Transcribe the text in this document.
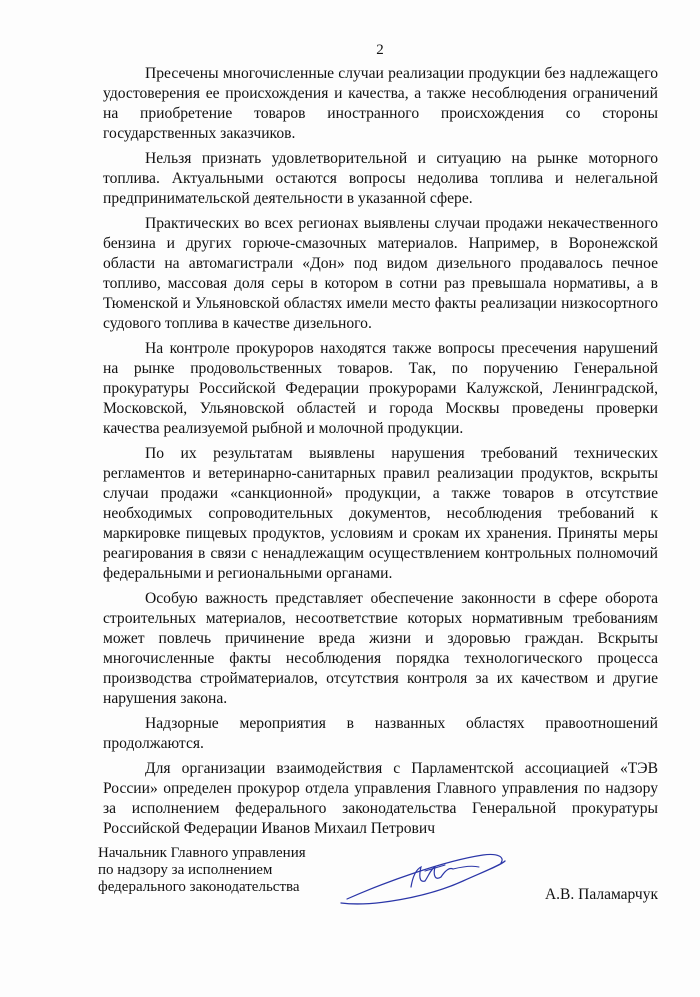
2

Пресечены многочисленные случаи реализации продукции без надлежащего удостоверения ее происхождения и качества, а также несоблюдения ограничений на приобретение товаров иностранного происхождения со стороны государственных заказчиков.

Нельзя признать удовлетворительной и ситуацию на рынке моторного топлива. Актуальными остаются вопросы недолива топлива и нелегальной предпринимательской деятельности в указанной сфере.

Практических во всех регионах выявлены случаи продажи некачественного бензина и других горюче-смазочных материалов. Например, в Воронежской области на автомагистрали «Дон» под видом дизельного продавалось печное топливо, массовая доля серы в котором в сотни раз превышала нормативы, а в Тюменской и Ульяновской областях имели место факты реализации низкосортного судового топлива в качестве дизельного.

На контроле прокуроров находятся также вопросы пресечения нарушений на рынке продовольственных товаров. Так, по поручению Генеральной прокуратуры Российской Федерации прокурорами Калужской, Ленинградской, Московской, Ульяновской областей и города Москвы проведены проверки качества реализуемой рыбной и молочной продукции.

По их результатам выявлены нарушения требований технических регламентов и ветеринарно-санитарных правил реализации продуктов, вскрыты случаи продажи «санкционной» продукции, а также товаров в отсутствие необходимых сопроводительных документов, несоблюдения требований к маркировке пищевых продуктов, условиям и срокам их хранения. Приняты меры реагирования в связи с ненадлежащим осуществлением контрольных полномочий федеральными и региональными органами.

Особую важность представляет обеспечение законности в сфере оборота строительных материалов, несоответствие которых нормативным требованиям может повлечь причинение вреда жизни и здоровью граждан. Вскрыты многочисленные факты несоблюдения порядка технологического процесса производства стройматериалов, отсутствия контроля за их качеством и другие нарушения закона.

Надзорные мероприятия в названных областях правоотношений продолжаются.

Для организации взаимодействия с Парламентской ассоциацией «ТЭВ России» определен прокурор отдела управления Главного управления по надзору за исполнением федерального законодательства Генеральной прокуратуры Российской Федерации Иванов Михаил Петрович

Начальник Главного управления
по надзору за исполнением
федерального законодательства	А.В. Паламарчук
